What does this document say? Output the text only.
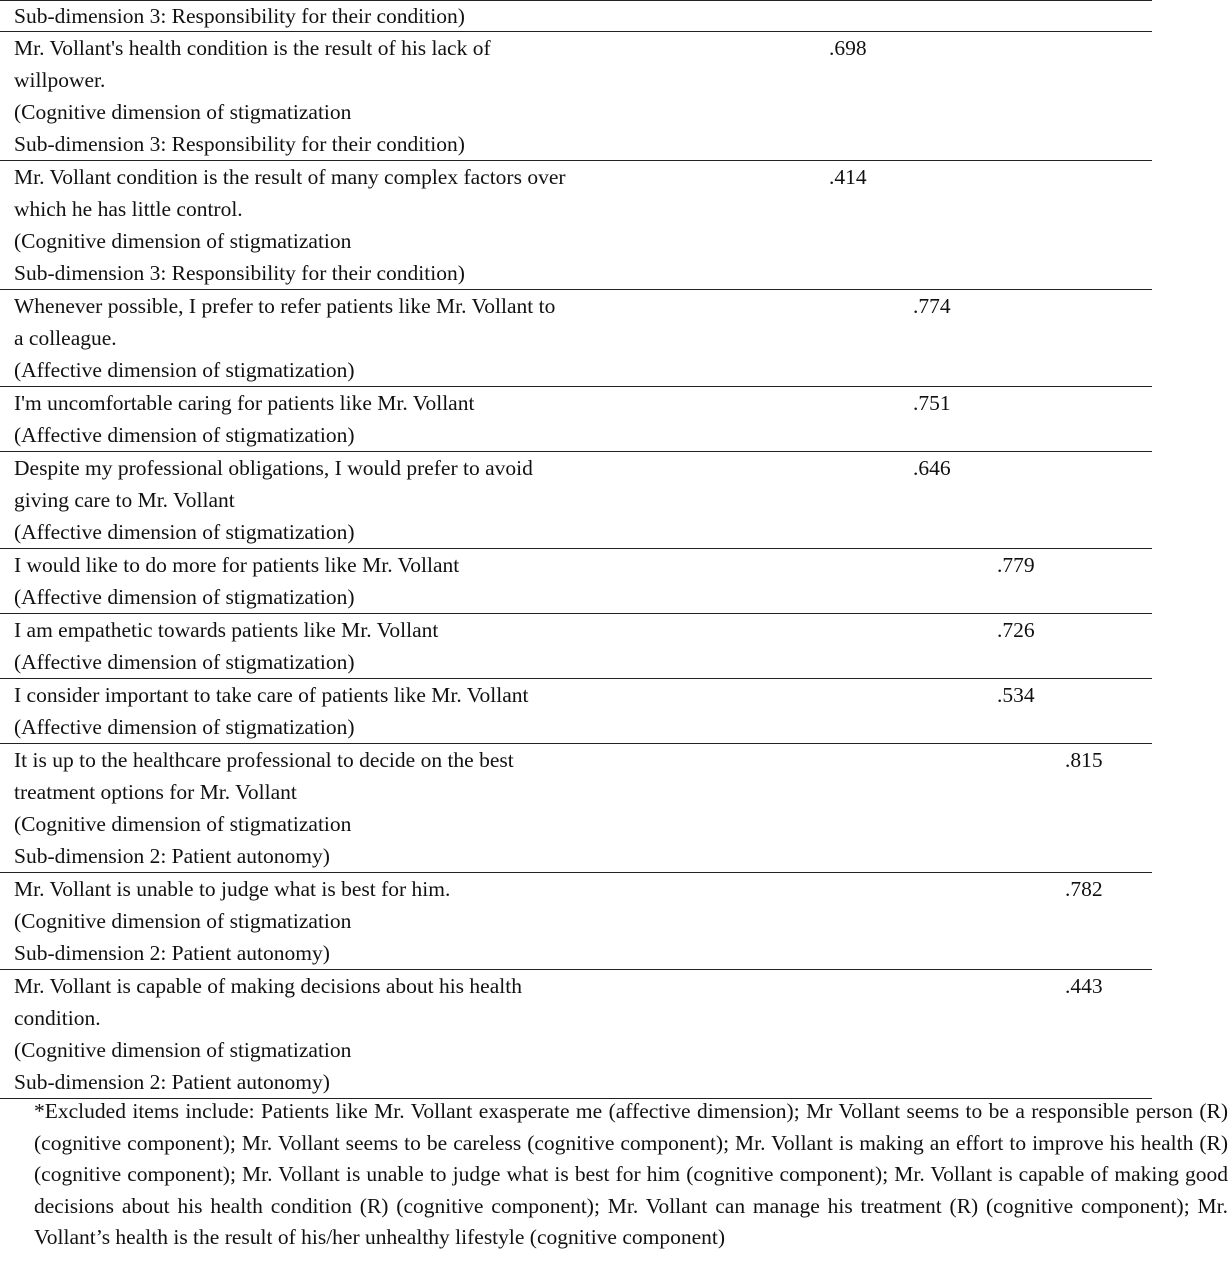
Sub-dimension 3: Responsibility for their condition)
Mr. Vollant's health condition is the result of his lack of
willpower.
(Cognitive dimension of stigmatization
Sub-dimension 3: Responsibility for their condition)
.698
Mr. Vollant condition is the result of many complex factors over
which he has little control.
(Cognitive dimension of stigmatization
Sub-dimension 3: Responsibility for their condition)
.414
Whenever possible, I prefer to refer patients like Mr. Vollant to
a colleague.
(Affective dimension of stigmatization)
.774
I'm uncomfortable caring for patients like Mr. Vollant
(Affective dimension of stigmatization)
.751
Despite my professional obligations, I would prefer to avoid
giving care to Mr. Vollant
(Affective dimension of stigmatization)
.646
I would like to do more for patients like Mr. Vollant
(Affective dimension of stigmatization)
.779
I am empathetic towards patients like Mr. Vollant
(Affective dimension of stigmatization)
.726
I consider important to take care of patients like Mr. Vollant
(Affective dimension of stigmatization)
.534
It is up to the healthcare professional to decide on the best
treatment options for Mr. Vollant
(Cognitive dimension of stigmatization
Sub-dimension 2: Patient autonomy)
.815
Mr. Vollant is unable to judge what is best for him.
(Cognitive dimension of stigmatization
Sub-dimension 2: Patient autonomy)
.782
Mr. Vollant is capable of making decisions about his health
condition.
(Cognitive dimension of stigmatization
Sub-dimension 2: Patient autonomy)
.443
*Excluded items include: Patients like Mr. Vollant exasperate me (affective dimension); Mr Vollant seems to be a responsible person (R) (cognitive component); Mr. Vollant seems to be careless (cognitive component); Mr. Vollant is making an effort to improve his health (R) (cognitive component); Mr. Vollant is unable to judge what is best for him (cognitive component); Mr. Vollant is capable of making good decisions about his health condition (R) (cognitive component); Mr. Vollant can manage his treatment (R) (cognitive component); Mr. Vollant’s health is the result of his/her unhealthy lifestyle (cognitive component)
